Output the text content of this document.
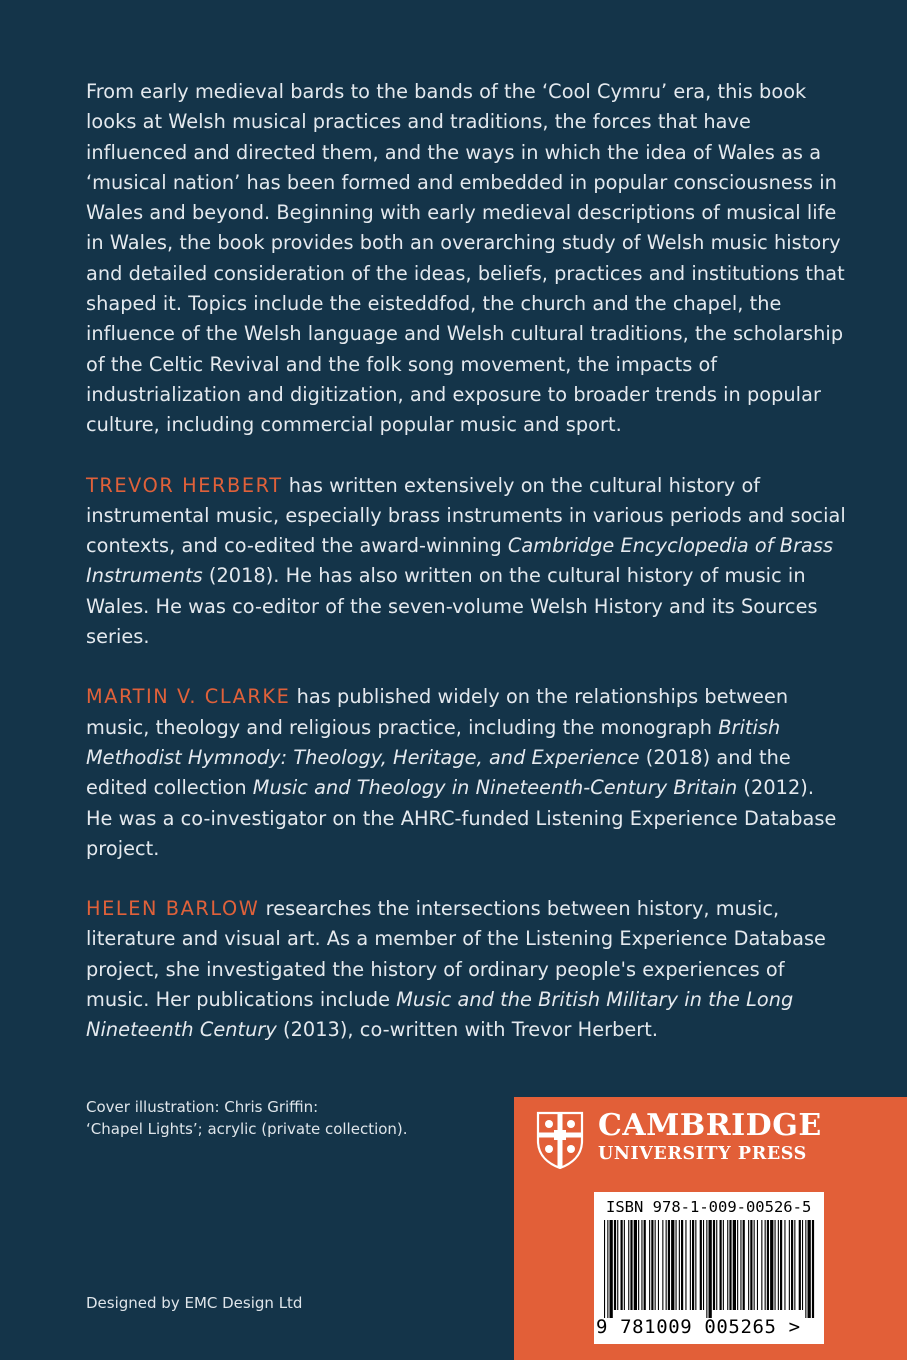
From early medieval bards to the bands of the ‘Cool Cymru’ era, this book looks at Welsh musical practices and traditions, the forces that have influenced and directed them, and the ways in which the idea of Wales as a ‘musical nation’ has been formed and embedded in popular consciousness in Wales and beyond. Beginning with early medieval descriptions of musical life in Wales, the book provides both an overarching study of Welsh music history and detailed consideration of the ideas, beliefs, practices and institutions that shaped it. Topics include the eisteddfod, the church and the chapel, the influence of the Welsh language and Welsh cultural traditions, the scholarship of the Celtic Revival and the folk song movement, the impacts of industrialization and digitization, and exposure to broader trends in popular culture, including commercial popular music and sport.

TREVOR HERBERT has written extensively on the cultural history of instrumental music, especially brass instruments in various periods and social contexts, and co-edited the award-winning Cambridge Encyclopedia of Brass Instruments (2018). He has also written on the cultural history of music in Wales. He was co-editor of the seven-volume Welsh History and its Sources series.

MARTIN V. CLARKE has published widely on the relationships between music, theology and religious practice, including the monograph British Methodist Hymnody: Theology, Heritage, and Experience (2018) and the edited collection Music and Theology in Nineteenth-Century Britain (2012). He was a co-investigator on the AHRC-funded Listening Experience Database project.

HELEN BARLOW researches the intersections between history, music, literature and visual art. As a member of the Listening Experience Database project, she investigated the history of ordinary people's experiences of music. Her publications include Music and the British Military in the Long Nineteenth Century (2013), co-written with Trevor Herbert.

Cover illustration: Chris Griffin:
‘Chapel Lights’; acrylic (private collection).
Designed by EMC Design Ltd
CAMBRIDGE
UNIVERSITY PRESS
ISBN 978-1-009-00526-5
9 781009 005265 >
